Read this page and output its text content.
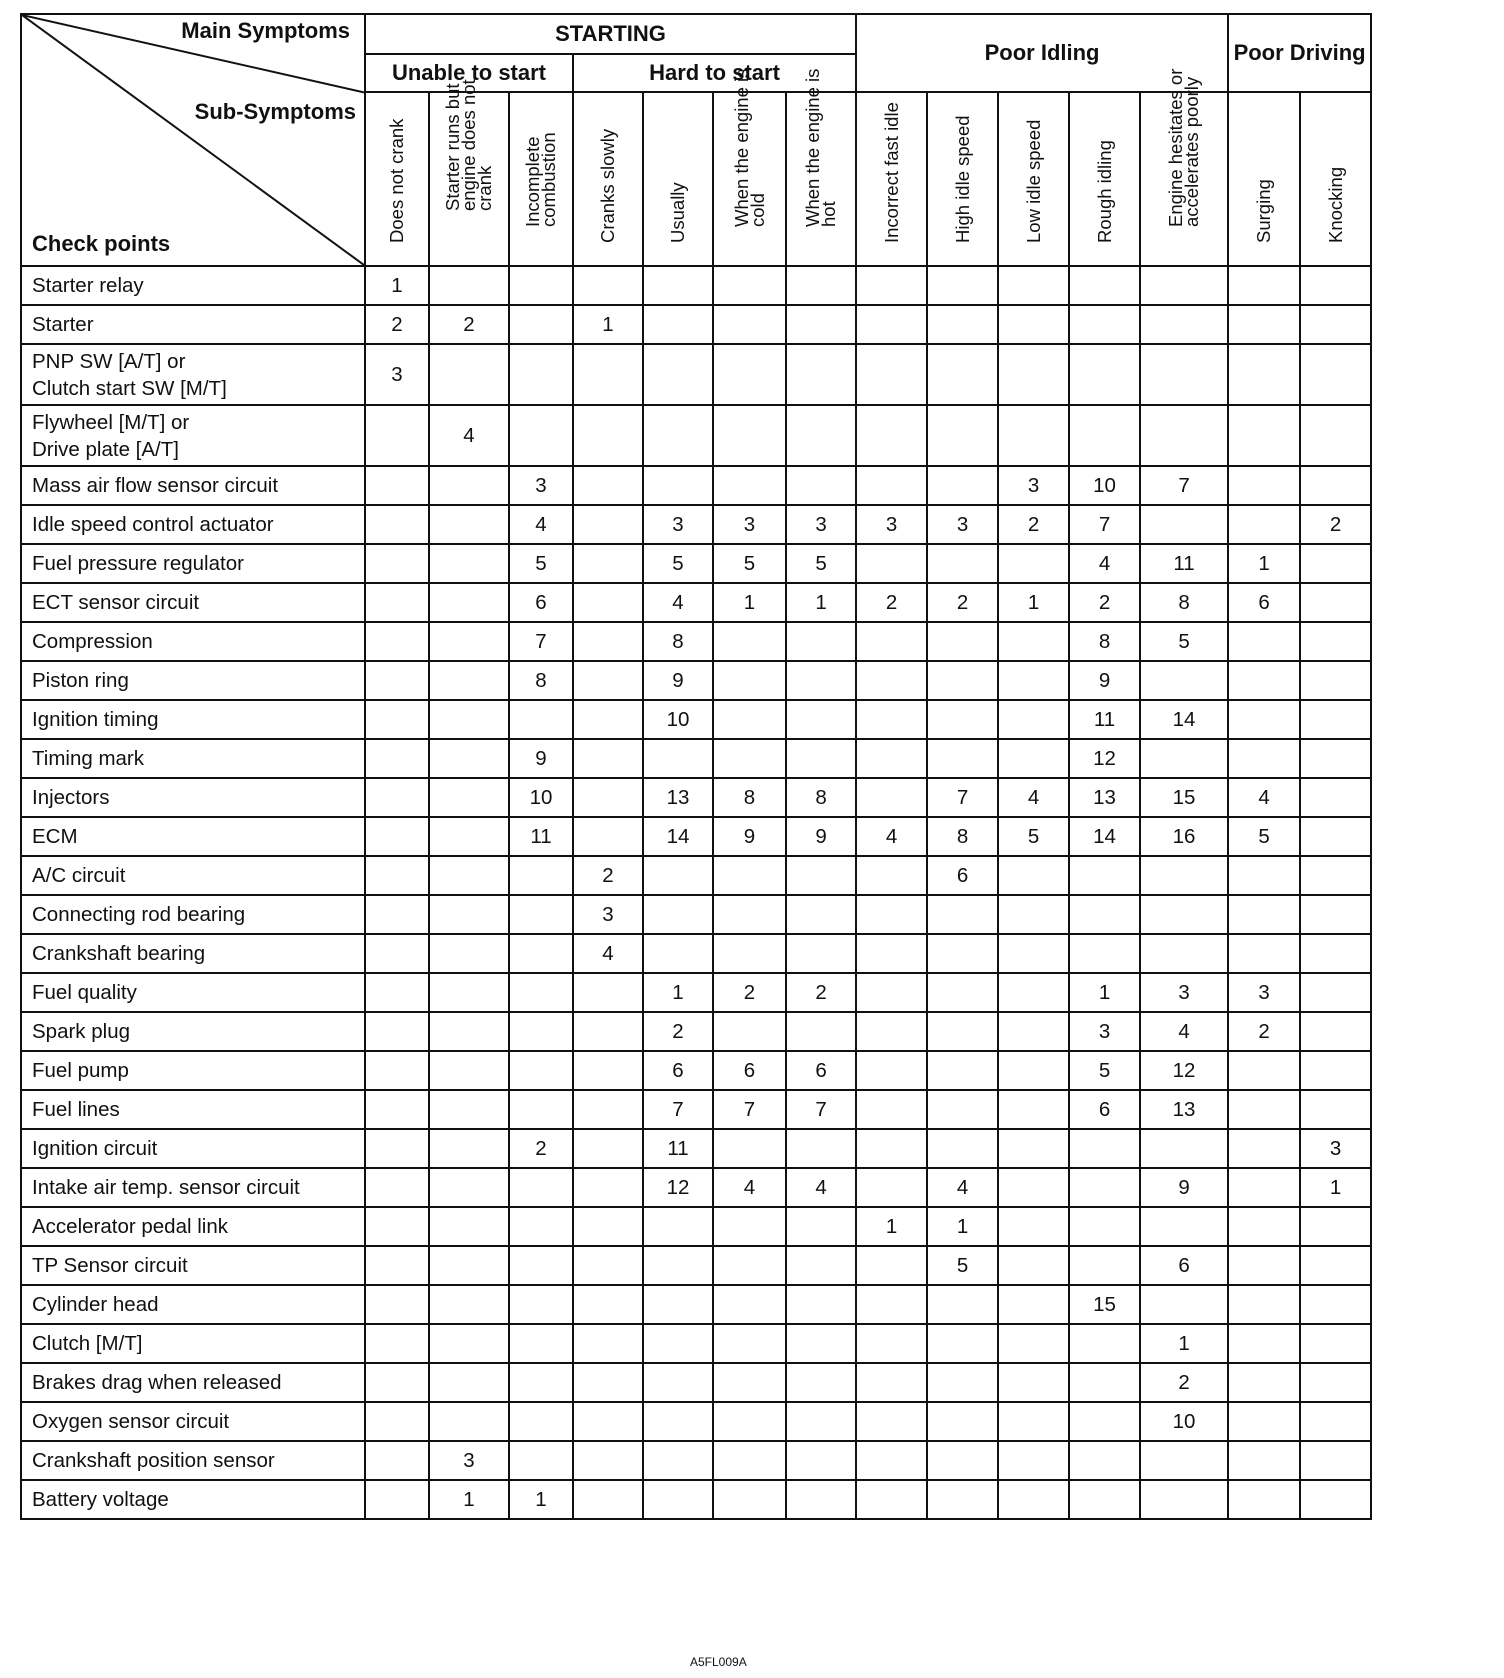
Main Symptoms
Sub-Symptoms
Check points	STARTING							Poor Idling					Poor Driving	
	Unable to start			Hard to start										

	Does not crank	Starter runs but engine does not crank	Incomplete combustion	Cranks slowly	Usually	When the engine is cold	When the engine is hot	Incorrect fast idle	High idle speed	Low idle speed	Rough idling	Engine hesitates or accelerates poorly	Surging	Knocking

Starter relay	1													
Starter	2	2		1										
PNP SW [A/T] or
Clutch start SW [M/T]	3													
Flywheel [M/T] or
Drive plate [A/T]		4												
Mass air flow sensor circuit			3							3	10	7		
Idle speed control actuator			4		3	3	3	3	3	2	7			2
Fuel pressure regulator			5		5	5	5				4	11	1	
ECT sensor circuit			6		4	1	1	2	2	1	2	8	6	
Compression			7		8						8	5		
Piston ring			8		9						9			
Ignition timing					10						11	14		
Timing mark			9								12			
Injectors			10		13	8	8		7	4	13	15	4	
ECM			11		14	9	9	4	8	5	14	16	5	
A/C circuit				2					6					
Connecting rod bearing				3										
Crankshaft bearing				4										
Fuel quality					1	2	2				1	3	3	
Spark plug					2						3	4	2	
Fuel pump					6	6	6				5	12		
Fuel lines					7	7	7				6	13		
Ignition circuit			2		11									3
Intake air temp. sensor circuit					12	4	4		4			9		1
Accelerator pedal link								1	1					
TP Sensor circuit									5			6		
Cylinder head											15			
Clutch [M/T]												1		
Brakes drag when released												2		
Oxygen sensor circuit												10		
Crankshaft position sensor		3												
Battery voltage		1	1											
A5FL009A
